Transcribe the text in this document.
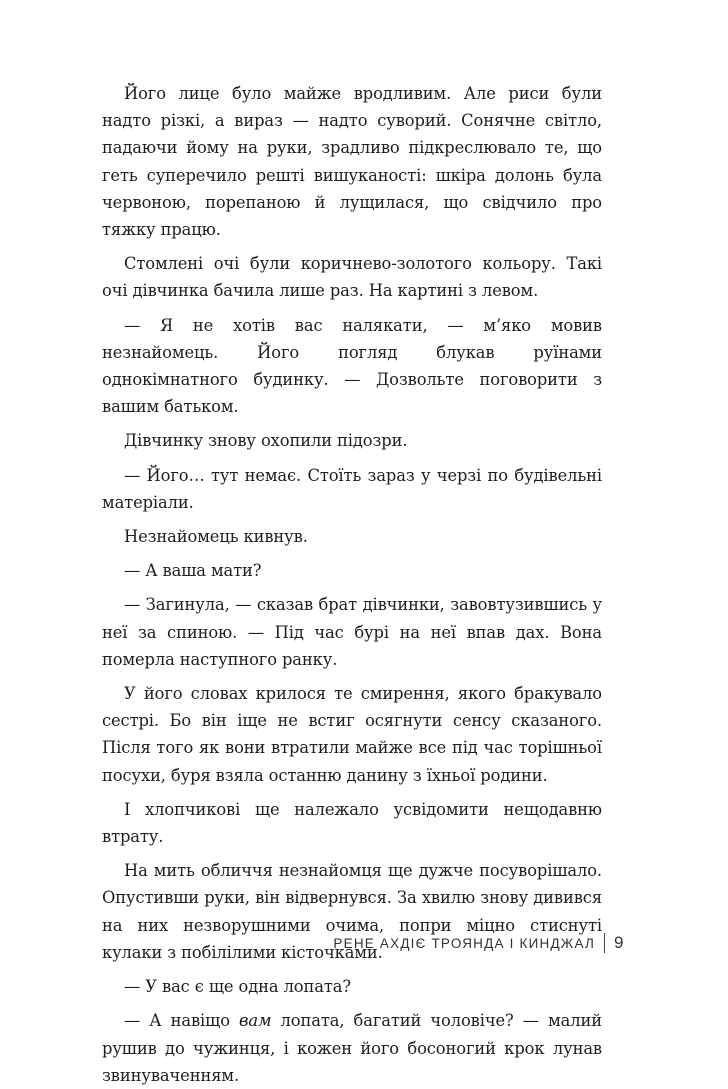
Його лице було майже вродливим. Але риси були надто різкі, а вираз — надто суворий. Сонячне світло, падаючи йому на руки, зрадливо підкреслювало те, що геть суперечило решті вишуканості: шкіра долонь була червоною, порепаною й лущилася, що свідчило про тяжку працю.

Стомлені очі були коричнево-золотого кольору. Такі очі дівчинка бачила лише раз. На картині з левом.

— Я не хотів вас налякати, — м’яко мовив незнайомець. Його погляд блукав руїнами однокімнатного будинку. — Дозвольте поговорити з вашим батьком.

Дівчинку знову охопили підозри.

— Його… тут немає. Стоїть зараз у черзі по будівельні матеріали.

Незнайомець кивнув.

— А ваша мати?

— Загинула, — сказав брат дівчинки, завовтузившись у неї за спиною. — Під час бурі на неї впав дах. Вона померла наступного ранку.

У його словах крилося те смирення, якого бракувало сестрі. Бо він іще не встиг осягнути сенсу сказаного. Після того як вони втратили майже все під час торішньої посухи, буря взяла останню данину з їхньої родини.

І хлопчикові ще належало усвідомити нещодавню втрату.

На мить обличчя незнайомця ще дужче посуворішало. Опустивши руки, він відвернувся. За хвилю знову дивився на них незворушними очима, попри міцно стиснуті кулаки з побілілими кісточками.

— У вас є ще одна лопата?

— А навіщо вам лопата, багатий чоловіче? — малий рушив до чужинця, і кожен його босоногий крок лунав звинуваченням.

РЕНЕ АХДІЄ ТРОЯНДА І КИНДЖАЛ 9
